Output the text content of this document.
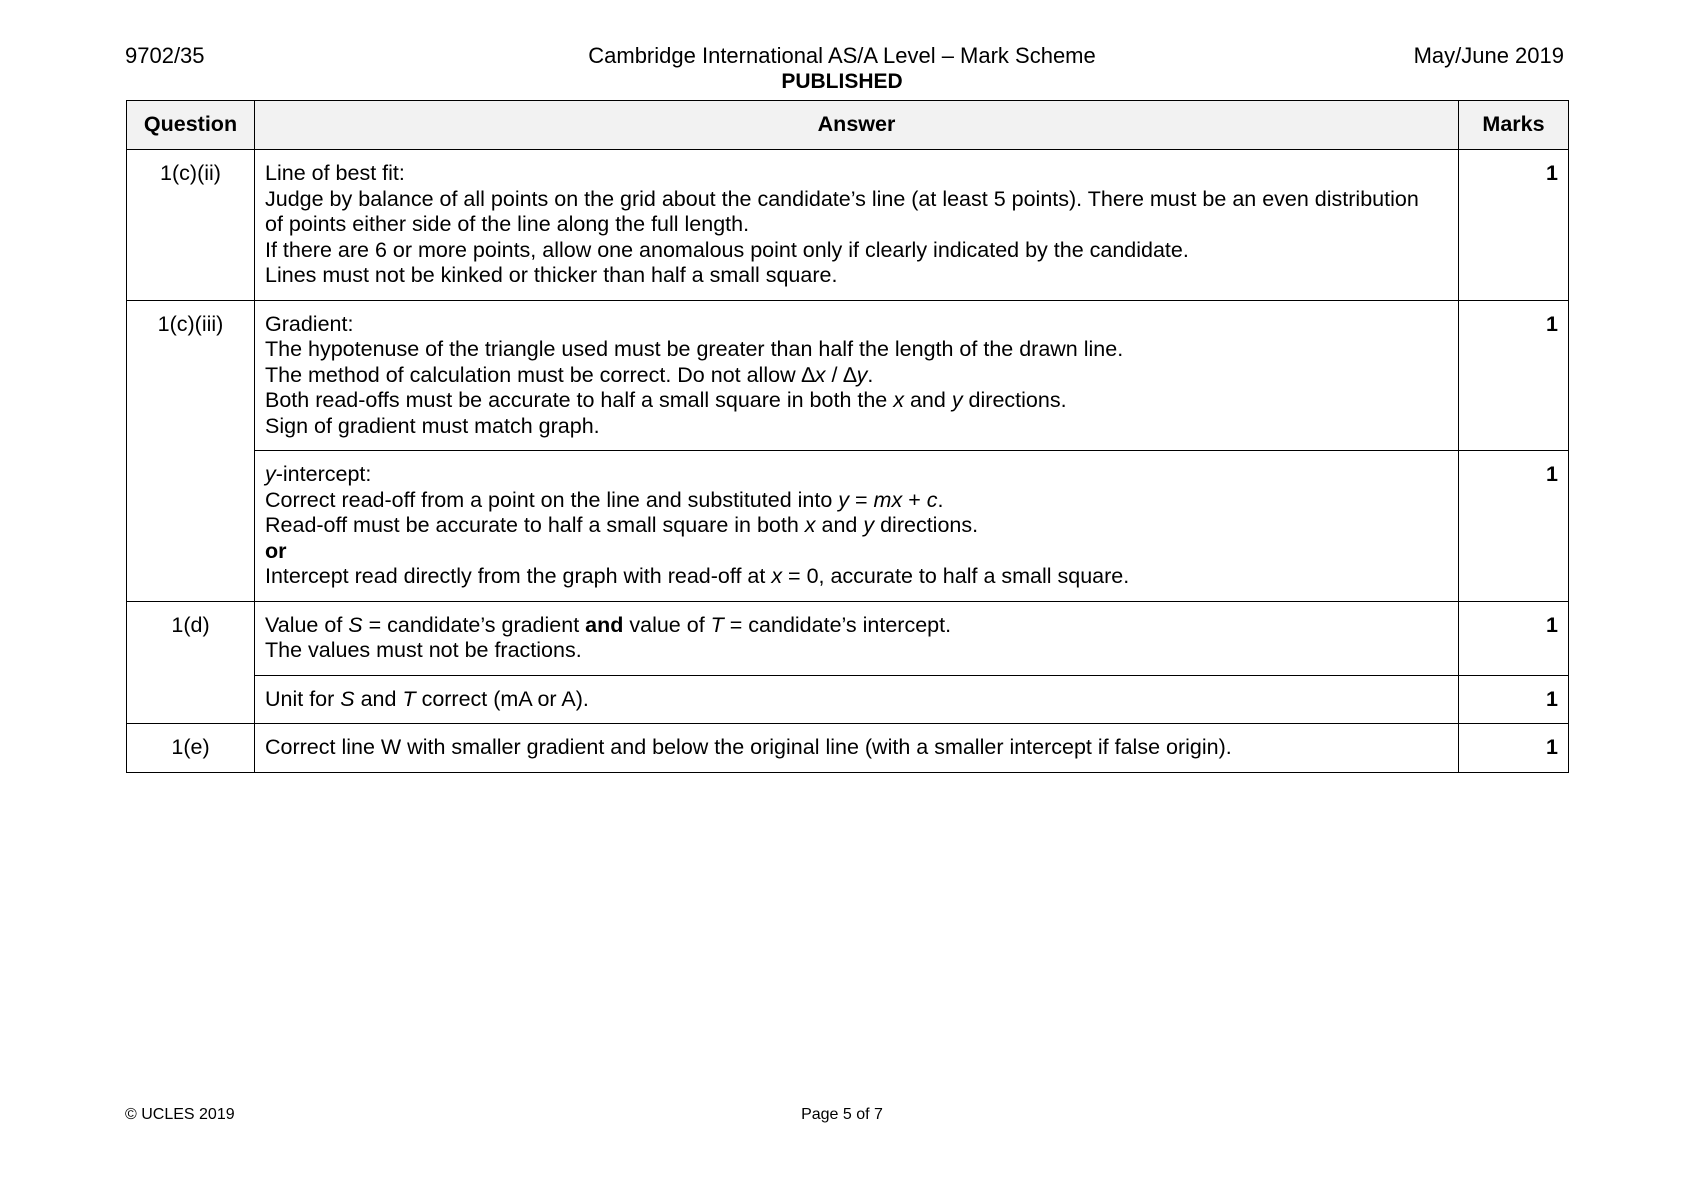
9702/35	Cambridge International AS/A Level – Mark Scheme
PUBLISHED
May/June 2019
Question	Answer	Marks
1(c)(ii)	Line of best fit:
Judge by balance of all points on the grid about the candidate’s line (at least 5 points). There must be an even distribution
of points either side of the line along the full length.
If there are 6 or more points, allow one anomalous point only if clearly indicated by the candidate.
Lines must not be kinked or thicker than half a small square.	1
1(c)(iii)	Gradient:
The hypotenuse of the triangle used must be greater than half the length of the drawn line.
The method of calculation must be correct. Do not allow ∆x / ∆y.
Both read-offs must be accurate to half a small square in both the x and y directions.
Sign of gradient must match graph.	1

	y-intercept:
Correct read-off from a point on the line and substituted into y = mx + c.
Read-off must be accurate to half a small square in both x and y directions.
or
Intercept read directly from the graph with read-off at x = 0, accurate to half a small square.	1
1(d)	Value of S = candidate’s gradient and value of T = candidate’s intercept.
The values must not be fractions.	1

	Unit for S and T correct (mA or A).	1
1(e)	Correct line W with smaller gradient and below the original line (with a smaller intercept if false origin).	1
© UCLES 2019	Page 5 of 7
